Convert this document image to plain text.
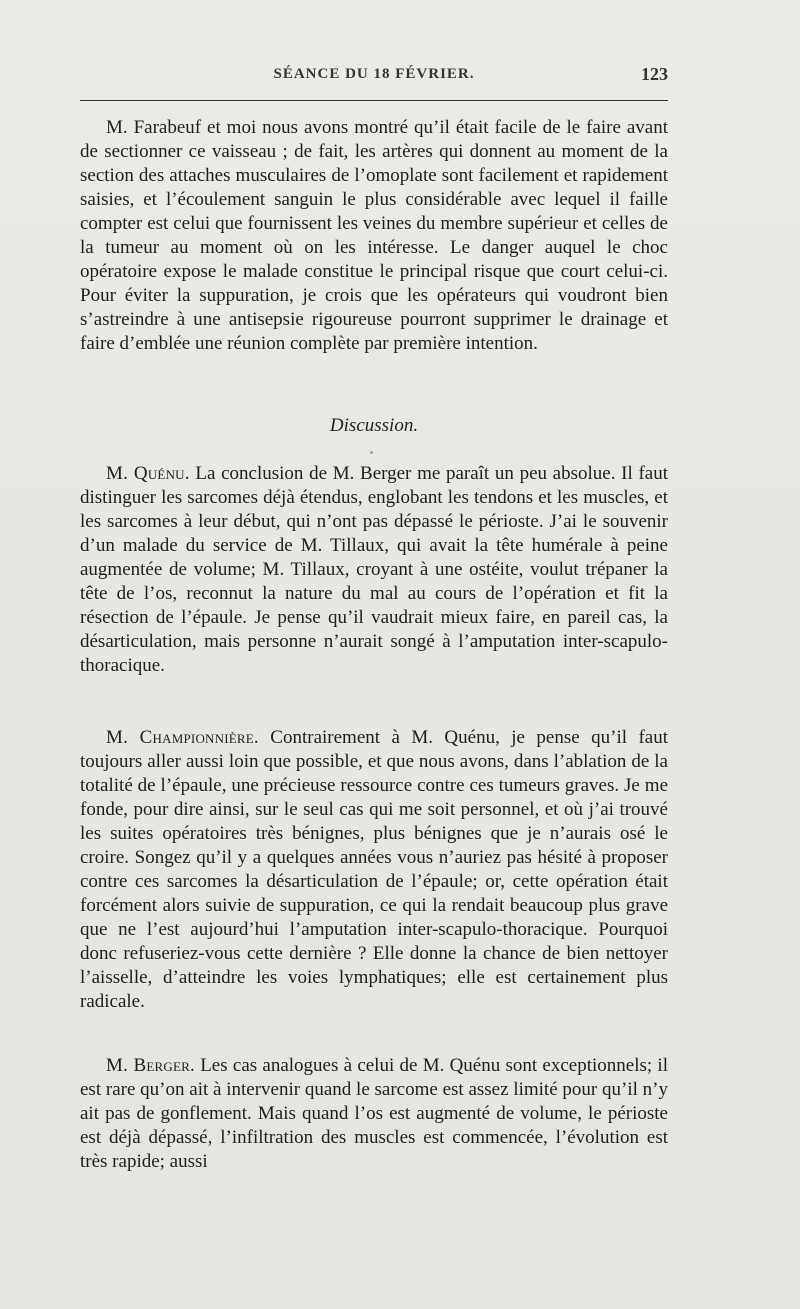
SÉANCE DU 18 FÉVRIER.	123

M. Farabeuf et moi nous avons montré qu’il était facile de le faire avant de sectionner ce vaisseau ; de fait, les artères qui donnent au moment de la section des attaches musculaires de l’omoplate sont facilement et rapidement saisies, et l’écoulement sanguin le plus considérable avec lequel il faille compter est celui que fournissent les veines du membre supérieur et celles de la tumeur au moment où on les intéresse. Le danger auquel le choc opératoire expose le malade constitue le principal risque que court celui-ci. Pour éviter la suppuration, je crois que les opérateurs qui voudront bien s’astreindre à une antisepsie rigoureuse pourront supprimer le drainage et faire d’emblée une réunion complète par première intention.

Discussion.

M. Quénu. La conclusion de M. Berger me paraît un peu absolue. Il faut distinguer les sarcomes déjà étendus, englobant les tendons et les muscles, et les sarcomes à leur début, qui n’ont pas dépassé le périoste. J’ai le souvenir d’un malade du service de M. Tillaux, qui avait la tête humérale à peine augmentée de volume; M. Tillaux, croyant à une ostéite, voulut trépaner la tête de l’os, reconnut la nature du mal au cours de l’opération et fit la résection de l’épaule. Je pense qu’il vaudrait mieux faire, en pareil cas, la désarticulation, mais personne n’aurait songé à l’amputation inter-scapulo-thoracique.

M. Championnière. Contrairement à M. Quénu, je pense qu’il faut toujours aller aussi loin que possible, et que nous avons, dans l’ablation de la totalité de l’épaule, une précieuse ressource contre ces tumeurs graves. Je me fonde, pour dire ainsi, sur le seul cas qui me soit personnel, et où j’ai trouvé les suites opératoires très bénignes, plus bénignes que je n’aurais osé le croire. Songez qu’il y a quelques années vous n’auriez pas hésité à proposer contre ces sarcomes la désarticulation de l’épaule; or, cette opération était forcément alors suivie de suppuration, ce qui la rendait beaucoup plus grave que ne l’est aujourd’hui l’amputation inter-scapulo-thoracique. Pourquoi donc refuseriez-vous cette dernière ? Elle donne la chance de bien nettoyer l’aisselle, d’atteindre les voies lymphatiques; elle est certainement plus radicale.

M. Berger. Les cas analogues à celui de M. Quénu sont exceptionnels; il est rare qu’on ait à intervenir quand le sarcome est assez limité pour qu’il n’y ait pas de gonflement. Mais quand l’os est augmenté de volume, le périoste est déjà dépassé, l’infiltration des muscles est commencée, l’évolution est très rapide; aussi
